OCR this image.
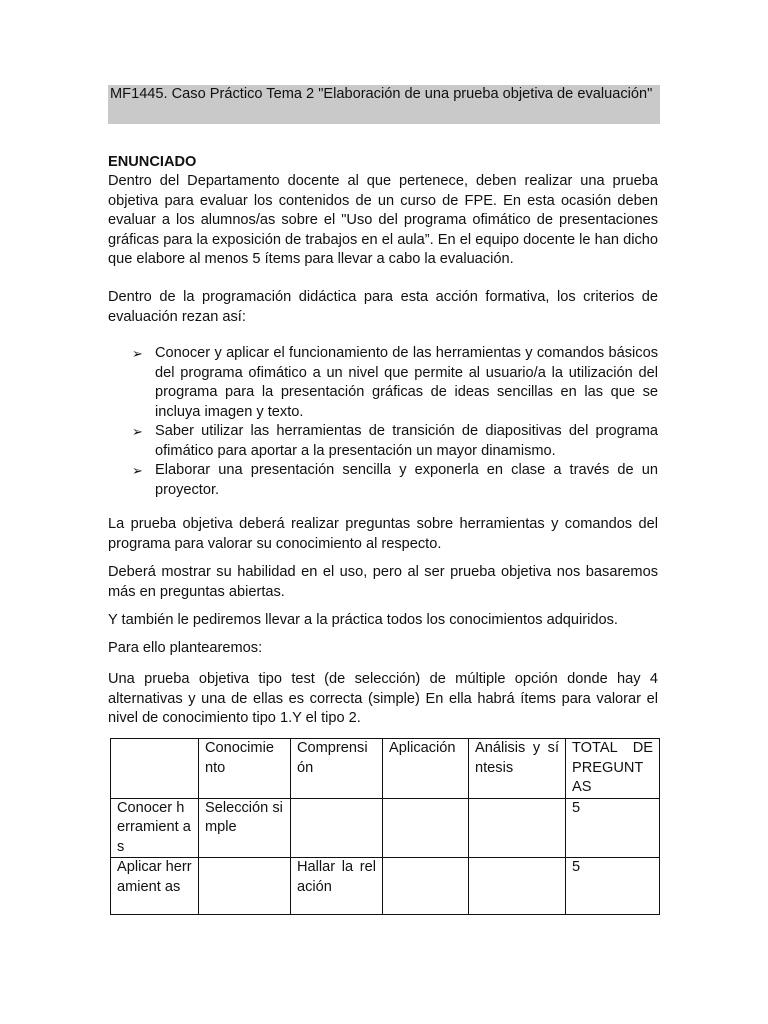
MF1445. Caso Práctico Tema 2 "Elaboración de una prueba objetiva de evaluación"
ENUNCIADO
Dentro del Departamento docente al que pertenece, deben realizar una prueba objetiva para evaluar los contenidos de un curso de FPE. En esta ocasión deben evaluar a los alumnos/as sobre el "Uso del programa ofimático de presentaciones gráficas para la exposición de trabajos en el aula”. En el equipo docente le han dicho que elabore al menos 5 ítems para llevar a cabo la evaluación.
Dentro de la programación didáctica para esta acción formativa, los criterios de evaluación rezan así:
➢ Conocer y aplicar el funcionamiento de las herramientas y comandos básicos del programa ofimático a un nivel que permite al usuario/a la utilización del programa para la presentación gráficas de ideas sencillas en las que se incluya imagen y texto.
➢ Saber utilizar las herramientas de transición de diapositivas del programa ofimático para aportar a la presentación un mayor dinamismo.
➢ Elaborar una presentación sencilla y exponerla en clase a través de un proyector.
La prueba objetiva deberá realizar preguntas sobre herramientas y comandos del programa para valorar su conocimiento al respecto.
Deberá mostrar su habilidad en el uso, pero al ser prueba objetiva nos basaremos más en preguntas abiertas.
Y también le pediremos llevar a la práctica todos los conocimientos adquiridos.
Para ello plantearemos:
Una prueba objetiva tipo test (de selección) de múltiple opción donde hay 4 alternativas y una de ellas es correcta (simple) En ella habrá ítems para valorar el nivel de conocimiento tipo 1.Y el tipo 2.
	Conocimie nto	Comprensi ón	Aplicación	Análisis y síntesis	TOTAL DE PREGUNT AS
Conocer herramient as	Selección simple				5
Aplicar herramient as		Hallar la relación			5
